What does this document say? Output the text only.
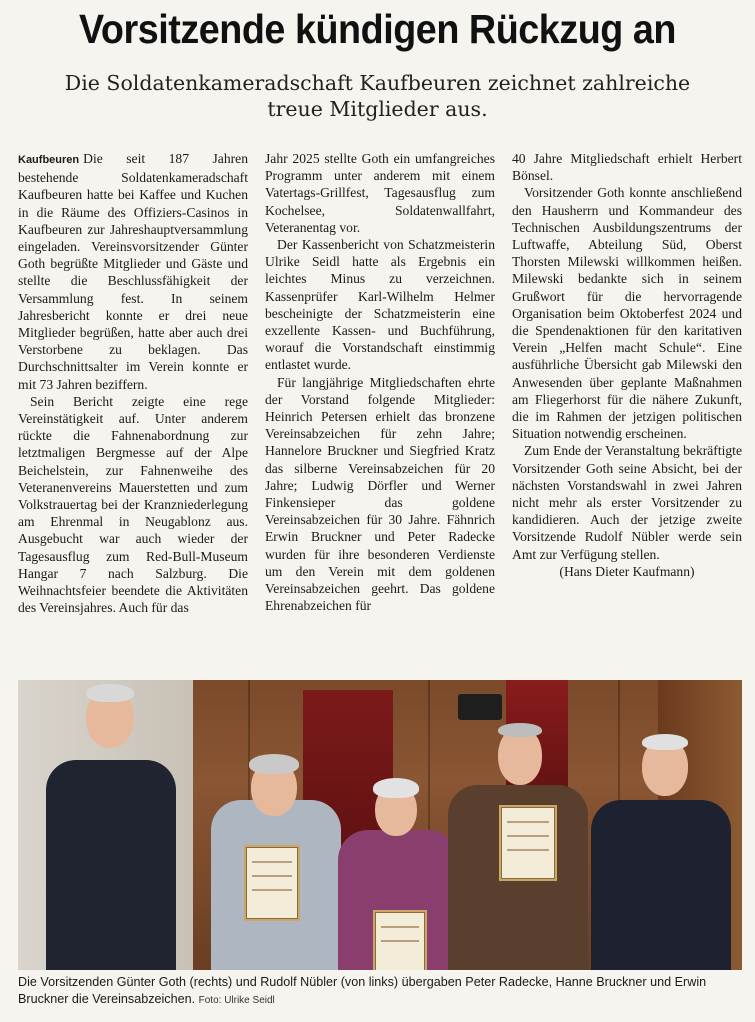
Vorsitzende kündigen Rückzug an
Die Soldatenkameradschaft Kaufbeuren zeichnet zahlreiche treue Mitglieder aus.

Kaufbeuren Die seit 187 Jahren bestehende Soldatenkameradschaft Kaufbeuren hatte bei Kaffee und Kuchen in die Räume des Offiziers-Casinos in Kaufbeuren zur Jahreshauptversammlung eingeladen. Vereinsvorsitzender Günter Goth begrüßte Mitglieder und Gäste und stellte die Beschlussfähigkeit der Versammlung fest. In seinem Jahresbericht konnte er drei neue Mitglieder begrüßen, hatte aber auch drei Verstorbene zu beklagen. Das Durchschnittsalter im Verein konnte er mit 73 Jahren beziffern.

Sein Bericht zeigte eine rege Vereinstätigkeit auf. Unter anderem rückte die Fahnenabordnung zur letztmaligen Bergmesse auf der Alpe Beichelstein, zur Fahnenweihe des Veteranenvereins Mauerstetten und zum Volkstrauertag bei der Kranzniederlegung am Ehrenmal in Neugablonz aus. Ausgebucht war auch wieder der Tagesausflug zum Red-Bull-Museum Hangar 7 nach Salzburg. Die Weihnachtsfeier beendete die Aktivitäten des Vereinsjahres. Auch für das

Jahr 2025 stellte Goth ein umfangreiches Programm unter anderem mit einem Vatertags-Grillfest, Tagesausflug zum Kochelsee, Soldatenwallfahrt, Veteranentag vor.

Der Kassenbericht von Schatzmeisterin Ulrike Seidl hatte als Ergebnis ein leichtes Minus zu verzeichnen. Kassenprüfer Karl-Wilhelm Helmer bescheinigte der Schatzmeisterin eine exzellente Kassen- und Buchführung, worauf die Vorstandschaft einstimmig entlastet wurde.

Für langjährige Mitgliedschaften ehrte der Vorstand folgende Mitglieder: Heinrich Petersen erhielt das bronzene Vereinsabzeichen für zehn Jahre; Hannelore Bruckner und Siegfried Kratz das silberne Vereinsabzeichen für 20 Jahre; Ludwig Dörfler und Werner Finkensieper das goldene Vereinsabzeichen für 30 Jahre. Fähnrich Erwin Bruckner und Peter Radecke wurden für ihre besonderen Verdienste um den Verein mit dem goldenen Vereinsabzeichen geehrt. Das goldene Ehrenabzeichen für

40 Jahre Mitgliedschaft erhielt Herbert Bönsel.

Vorsitzender Goth konnte anschließend den Hausherrn und Kommandeur des Technischen Ausbildungszentrums der Luftwaffe, Abteilung Süd, Oberst Thorsten Milewski willkommen heißen. Milewski bedankte sich in seinem Grußwort für die hervorragende Organisation beim Oktoberfest 2024 und die Spendenaktionen für den karitativen Verein „Helfen macht Schule“. Eine ausführliche Übersicht gab Milewski den Anwesenden über geplante Maßnahmen am Fliegerhorst für die nähere Zukunft, die im Rahmen der jetzigen politischen Situation notwendig erscheinen.

Zum Ende der Veranstaltung bekräftigte Vorsitzender Goth seine Absicht, bei der nächsten Vorstandswahl in zwei Jahren nicht mehr als erster Vorsitzender zu kandidieren. Auch der jetzige zweite Vorsitzende Rudolf Nübler werde sein Amt zur Verfügung stellen.

(Hans Dieter Kaufmann)

Die Vorsitzenden Günter Goth (rechts) und Rudolf Nübler (von links) übergaben Peter Radecke, Hanne Bruckner und Erwin Bruckner die Vereinsabzeichen. Foto: Ulrike Seidl
